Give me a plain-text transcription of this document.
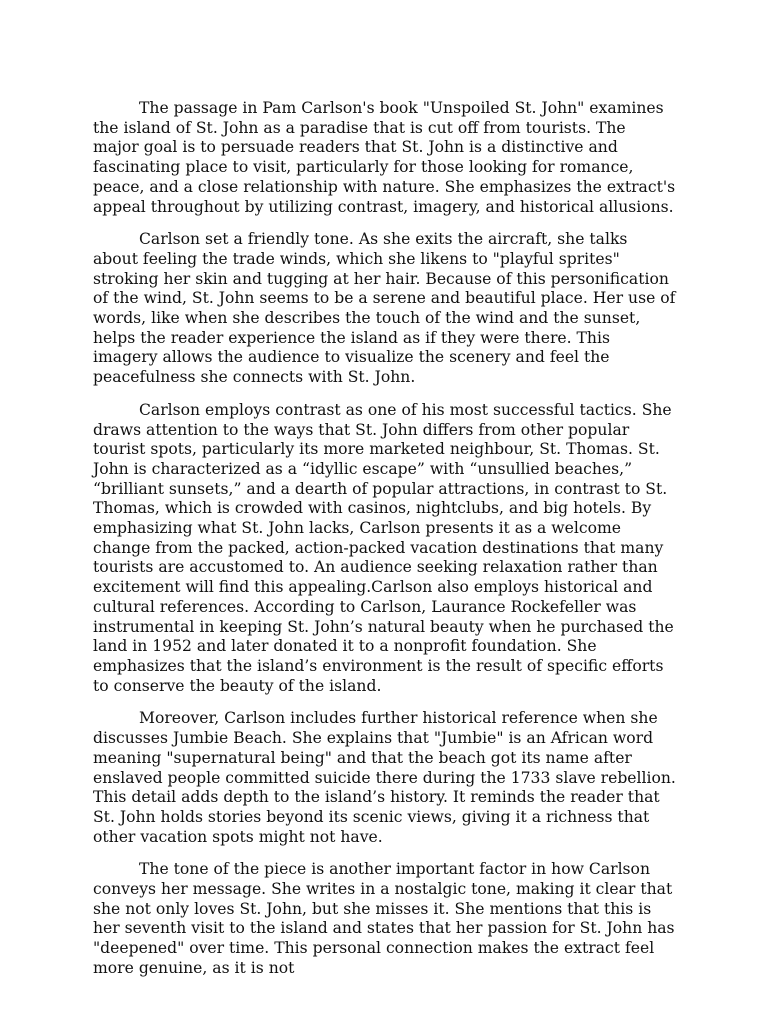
The passage in Pam Carlson's book "Unspoiled St. John" examines the island of St. John as a paradise that is cut off from tourists. The major goal is to persuade readers that St. John is a distinctive and fascinating place to visit, particularly for those looking for romance, peace, and a close relationship with nature. She emphasizes the extract's appeal throughout by utilizing contrast, imagery, and historical allusions.

Carlson set a friendly tone. As she exits the aircraft, she talks about feeling the trade winds, which she likens to "playful sprites" stroking her skin and tugging at her hair. Because of this personification of the wind, St. John seems to be a serene and beautiful place. Her use of words, like when she describes the touch of the wind and the sunset, helps the reader experience the island as if they were there. This imagery allows the audience to visualize the scenery and feel the peacefulness she connects with St. John.

Carlson employs contrast as one of his most successful tactics. She draws attention to the ways that St. John differs from other popular tourist spots, particularly its more marketed neighbour, St. Thomas. St. John is characterized as a “idyllic escape” with “unsullied beaches,” “brilliant sunsets,” and a dearth of popular attractions, in contrast to St. Thomas, which is crowded with casinos, nightclubs, and big hotels. By emphasizing what St. John lacks, Carlson presents it as a welcome change from the packed, action-packed vacation destinations that many tourists are accustomed to. An audience seeking relaxation rather than excitement will find this appealing.Carlson also employs historical and cultural references. According to Carlson, Laurance Rockefeller was instrumental in keeping St. John’s natural beauty when he purchased the land in 1952 and later donated it to a nonprofit foundation. She emphasizes that the island’s environment is the result of specific efforts to conserve the beauty of the island.

Moreover, Carlson includes further historical reference when she discusses Jumbie Beach. She explains that "Jumbie" is an African word meaning "supernatural being" and that the beach got its name after enslaved people committed suicide there during the 1733 slave rebellion. This detail adds depth to the island’s history. It reminds the reader that St. John holds stories beyond its scenic views, giving it a richness that other vacation spots might not have.

The tone of the piece is another important factor in how Carlson conveys her message. She writes in a nostalgic tone, making it clear that she not only loves St. John, but she misses it. She mentions that this is her seventh visit to the island and states that her passion for St. John has "deepened" over time. This personal connection makes the extract feel more genuine, as it is not
